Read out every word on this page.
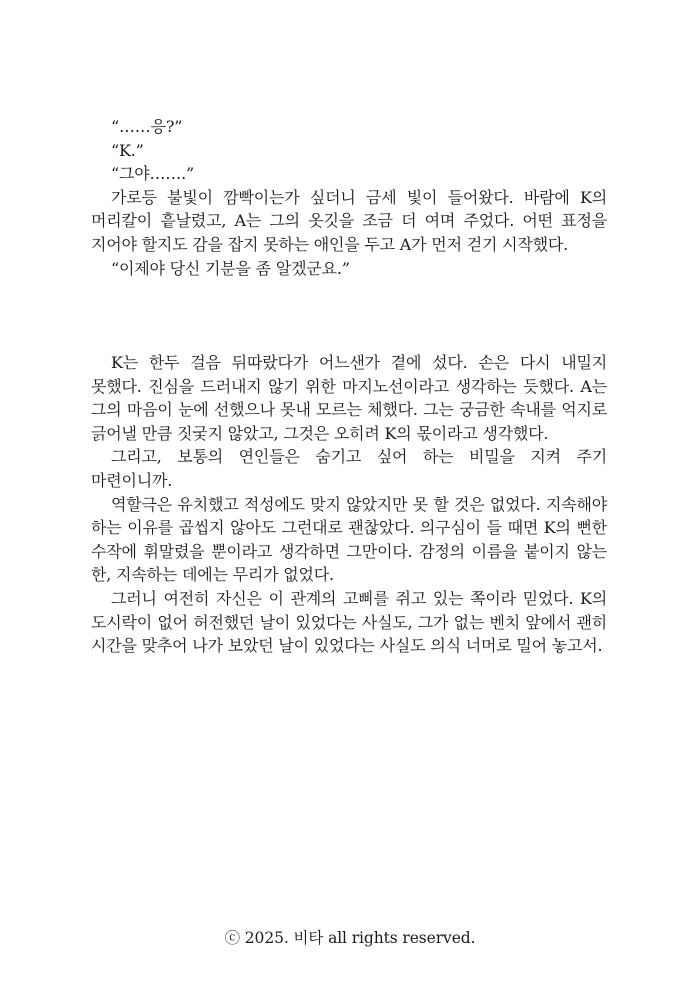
“……응?”

“K.”

“그야…….”

가로등 불빛이 깜빡이는가 싶더니 금세 빛이 들어왔다. 바람에 K의 머리칼이 흩날렸고, A는 그의 옷깃을 조금 더 여며 주었다. 어떤 표정을 지어야 할지도 감을 잡지 못하는 애인을 두고 A가 먼저 걷기 시작했다.

“이제야 당신 기분을 좀 알겠군요.”

K는 한두 걸음 뒤따랐다가 어느샌가 곁에 섰다. 손은 다시 내밀지 못했다. 진심을 드러내지 않기 위한 마지노선이라고 생각하는 듯했다. A는 그의 마음이 눈에 선했으나 못내 모르는 체했다. 그는 궁금한 속내를 억지로 긁어낼 만큼 짓궂지 않았고, 그것은 오히려 K의 몫이라고 생각했다.

그리고, 보통의 연인들은 숨기고 싶어 하는 비밀을 지켜 주기 마련이니까.

역할극은 유치했고 적성에도 맞지 않았지만 못 할 것은 없었다. 지속해야 하는 이유를 곱씹지 않아도 그런대로 괜찮았다. 의구심이 들 때면 K의 뻔한 수작에 휘말렸을 뿐이라고 생각하면 그만이다. 감정의 이름을 붙이지 않는 한, 지속하는 데에는 무리가 없었다.

그러니 여전히 자신은 이 관계의 고삐를 쥐고 있는 쪽이라 믿었다. K의 도시락이 없어 허전했던 날이 있었다는 사실도, 그가 없는 벤치 앞에서 괜히 시간을 맞추어 나가 보았던 날이 있었다는 사실도 의식 너머로 밀어 놓고서.

ⓒ 2025. 비타 all rights reserved.
